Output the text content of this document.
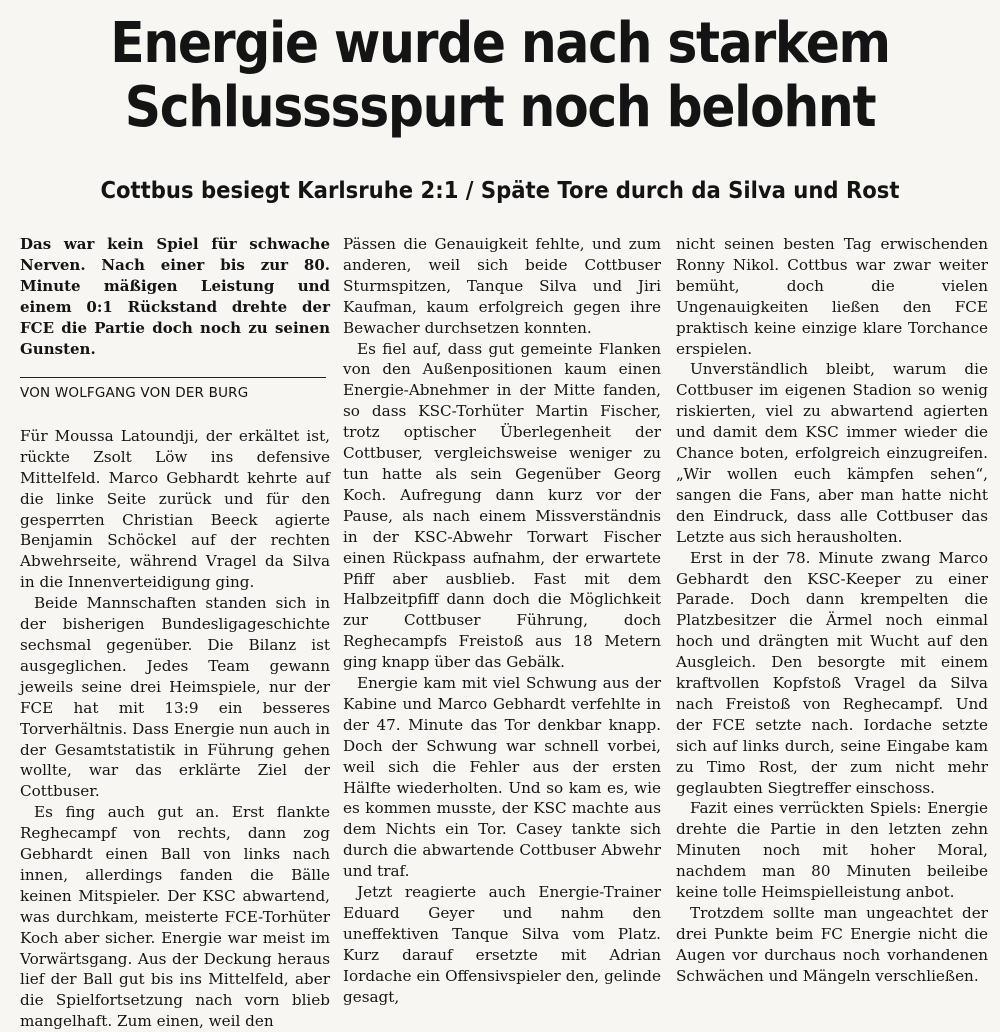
Energie wurde nach starkem
Schlusssspurt noch belohnt
Cottbus besiegt Karlsruhe 2:1 / Späte Tore durch da Silva und Rost

Das war kein Spiel für schwache Nerven. Nach einer bis zur 80. Minute mäßigen Leistung und einem 0:1 Rückstand drehte der FCE die Partie doch noch zu seinen Gunsten.

VON WOLFGANG VON DER BURG

Für Moussa Latoundji, der erkältet ist, rückte Zsolt Löw ins defensive Mittelfeld. Marco Gebhardt kehrte auf die linke Seite zurück und für den gesperrten Christian Beeck agierte Benjamin Schöckel auf der rechten Abwehrseite, während Vragel da Silva in die Innenverteidigung ging.

Beide Mannschaften standen sich in der bisherigen Bundesligageschichte sechsmal gegenüber. Die Bilanz ist ausgeglichen. Jedes Team gewann jeweils seine drei Heimspiele, nur der FCE hat mit 13:9 ein besseres Torverhältnis. Dass Energie nun auch in der Gesamtstatistik in Führung gehen wollte, war das erklärte Ziel der Cottbuser.

Es fing auch gut an. Erst flankte Reghecampf von rechts, dann zog Gebhardt einen Ball von links nach innen, allerdings fanden die Bälle keinen Mitspieler. Der KSC abwartend, was durchkam, meisterte FCE-Torhüter Koch aber sicher. Energie war meist im Vorwärtsgang. Aus der Deckung heraus lief der Ball gut bis ins Mittelfeld, aber die Spielfortsetzung nach vorn blieb mangelhaft. Zum einen, weil den

Pässen die Genauigkeit fehlte, und zum anderen, weil sich beide Cottbuser Sturmspitzen, Tanque Silva und Jiri Kaufman, kaum erfolgreich gegen ihre Bewacher durchsetzen konnten.

Es fiel auf, dass gut gemeinte Flanken von den Außenpositionen kaum einen Energie-Abnehmer in der Mitte fanden, so dass KSC-Torhüter Martin Fischer, trotz optischer Überlegenheit der Cottbuser, vergleichsweise weniger zu tun hatte als sein Gegenüber Georg Koch. Aufregung dann kurz vor der Pause, als nach einem Missverständnis in der KSC-Abwehr Torwart Fischer einen Rückpass aufnahm, der erwartete Pfiff aber ausblieb. Fast mit dem Halbzeitpfiff dann doch die Möglichkeit zur Cottbuser Führung, doch Reghecampfs Freistoß aus 18 Metern ging knapp über das Gebälk.

Energie kam mit viel Schwung aus der Kabine und Marco Gebhardt verfehlte in der 47. Minute das Tor denkbar knapp. Doch der Schwung war schnell vorbei, weil sich die Fehler aus der ersten Hälfte wiederholten. Und so kam es, wie es kommen musste, der KSC machte aus dem Nichts ein Tor. Casey tankte sich durch die abwartende Cottbuser Abwehr und traf.

Jetzt reagierte auch Energie-Trainer Eduard Geyer und nahm den uneffektiven Tanque Silva vom Platz. Kurz darauf ersetzte mit Adrian Iordache ein Offensivspieler den, gelinde gesagt,

nicht seinen besten Tag erwischenden Ronny Nikol. Cottbus war zwar weiter bemüht, doch die vielen Ungenauigkeiten ließen den FCE praktisch keine einzige klare Torchance erspielen.

Unverständlich bleibt, warum die Cottbuser im eigenen Stadion so wenig riskierten, viel zu abwartend agierten und damit dem KSC immer wieder die Chance boten, erfolgreich einzugreifen. „Wir wollen euch kämpfen sehen“, sangen die Fans, aber man hatte nicht den Eindruck, dass alle Cottbuser das Letzte aus sich herausholten.

Erst in der 78. Minute zwang Marco Gebhardt den KSC-Keeper zu einer Parade. Doch dann krempelten die Platzbesitzer die Ärmel noch einmal hoch und drängten mit Wucht auf den Ausgleich. Den besorgte mit einem kraftvollen Kopfstoß Vragel da Silva nach Freistoß von Reghecampf. Und der FCE setzte nach. Iordache setzte sich auf links durch, seine Eingabe kam zu Timo Rost, der zum nicht mehr geglaubten Siegtreffer einschoss.

Fazit eines verrückten Spiels: Energie drehte die Partie in den letzten zehn Minuten noch mit hoher Moral, nachdem man 80 Minuten beileibe keine tolle Heimspielleistung anbot.

Trotzdem sollte man ungeachtet der drei Punkte beim FC Energie nicht die Augen vor durchaus noch vorhandenen Schwächen und Mängeln verschließen.
